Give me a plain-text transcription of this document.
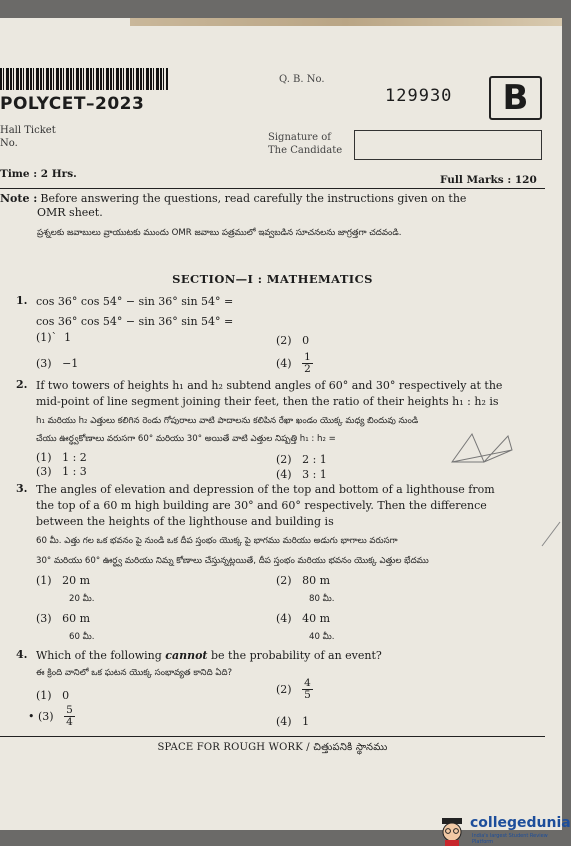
POLYCET–2023
Q. B. No.
129930	B
Hall Ticket
No.
Signature of
The Candidate
Time : 2 Hrs.	Full Marks : 120
Note : Before answering the questions, read carefully the instructions given on the
OMR sheet.
ప్రశ్నలకు జవాబులు వ్రాయుటకు ముందు OMR జవాబు పత్రములో ఇవ్వబడిన సూచనలను జాగ్రత్తగా చదవండి.
SECTION—I : MATHEMATICS
1. cos 36° cos 54° − sin 36° sin 54° =
cos 36° cos 54° − sin 36° sin 54° =
(1)` 1	(2) 0
(3) −1	$(4) \frac{1}{2}$
2. If two towers of heights h₁ and h₂ subtend angles of 60° and 30° respectively at the
mid-point of line segment joining their feet, then the ratio of their heights h₁ : h₂ is
h₁ మరియు h₂ ఎత్తులు కలిగిన రెండు గోపురాలు వాటి పాదాలను కలిపిన రేఖా ఖండం యొక్క మధ్య బిందువు నుండి
చేయు ఊర్ధ్వకోణాలు వరుసగా 60° మరియు 30° అయితే వాటి ఎత్తుల నిష్పత్తి h₁ : h₂ =
(1) 1 : 2	(2) 2 : 1
(3) 1 : 3	(4) 3 : 1
3. The angles of elevation and depression of the top and bottom of a lighthouse from
the top of a 60 m high building are 30° and 60° respectively. Then the difference
between the heights of the lighthouse and building is
60 మీ. ఎత్తు గల ఒక భవనం పై నుండి ఒక దీప స్తంభం యొక్క పై భాగము మరియు అడుగు భాగాలు వరుసగా
30° మరియు 60° ఊర్ధ్వ మరియు నిమ్న కోణాలు చేస్తున్నట్లయితే, దీప స్తంభం మరియు భవనం యొక్క ఎత్తుల భేదము
(1) 20 m
20 మీ.
(2) 80 m
80 మీ.
(3) 60 m
60 మీ.
(4) 40 m
40 మీ.
4. Which of the following cannot be the probability of an event?
ఈ క్రింది వానిలో ఒక ఘటన యొక్క సంభావ్యత కానిది ఏది?
(1) 0	$(2) \frac{4}{5}$
• $(3) \frac{5}{4}$	(4) 1
SPACE FOR ROUGH WORK / చిత్తుపనికి స్థానము
collegedunia
India's largest Student Review Platform
